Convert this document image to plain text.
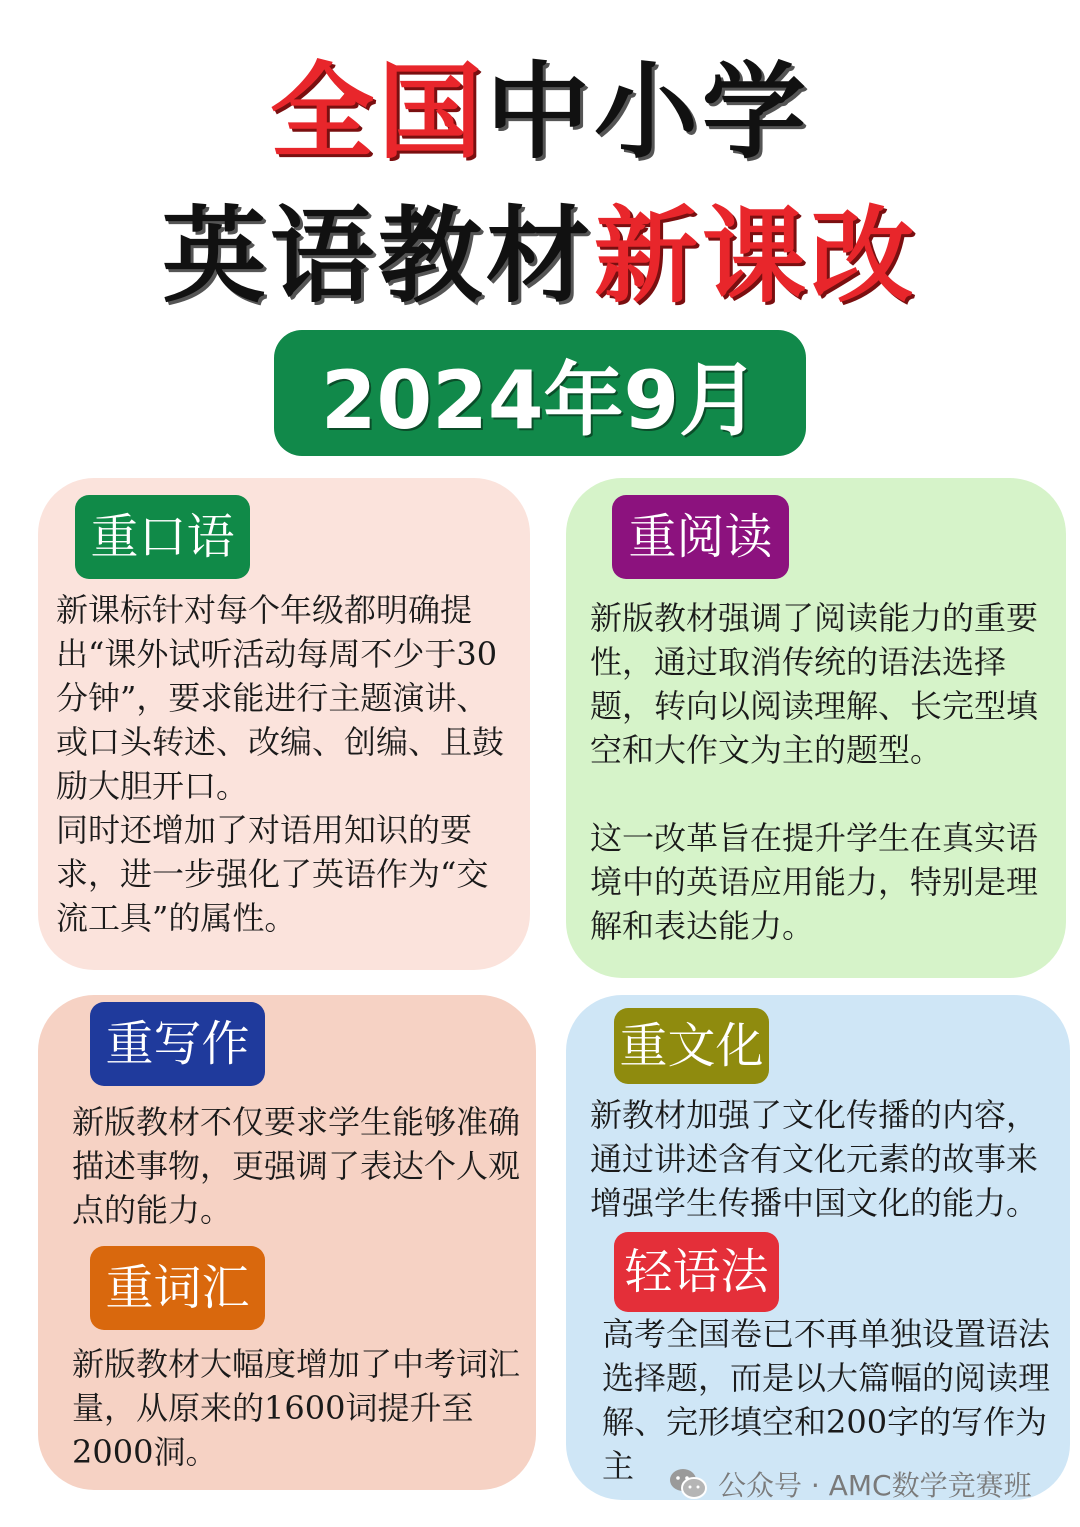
全国中小学
英语教材新课改
2024年9月
重口语
新课标针对每个年级都明确提出“课外试听活动每周不少于30分钟”，要求能进行主题演讲、或口头转述、改编、创编、且鼓励大胆开口。
同时还增加了对语用知识的要求，进一步强化了英语作为“交流工具”的属性。
重阅读
新版教材强调了阅读能力的重要性，通过取消传统的语法选择题，转向以阅读理解、长完型填空和大作文为主的题型。
这一改革旨在提升学生在真实语境中的英语应用能力，特别是理解和表达能力。
重写作

新版教材不仅要求学生能够准确描述事物，更强调了表达个人观点的能力。

重词汇

新版教材大幅度增加了中考词汇量，从原来的1600词提升至2000洞。

重文化

新教材加强了文化传播的内容，通过讲述含有文化元素的故事来增强学生传播中国文化的能力。

轻语法

高考全国卷已不再单独设置语法选择题，而是以大篇幅的阅读理解、完形填空和200字的写作为主

公众号 · AMC数学竞赛班
